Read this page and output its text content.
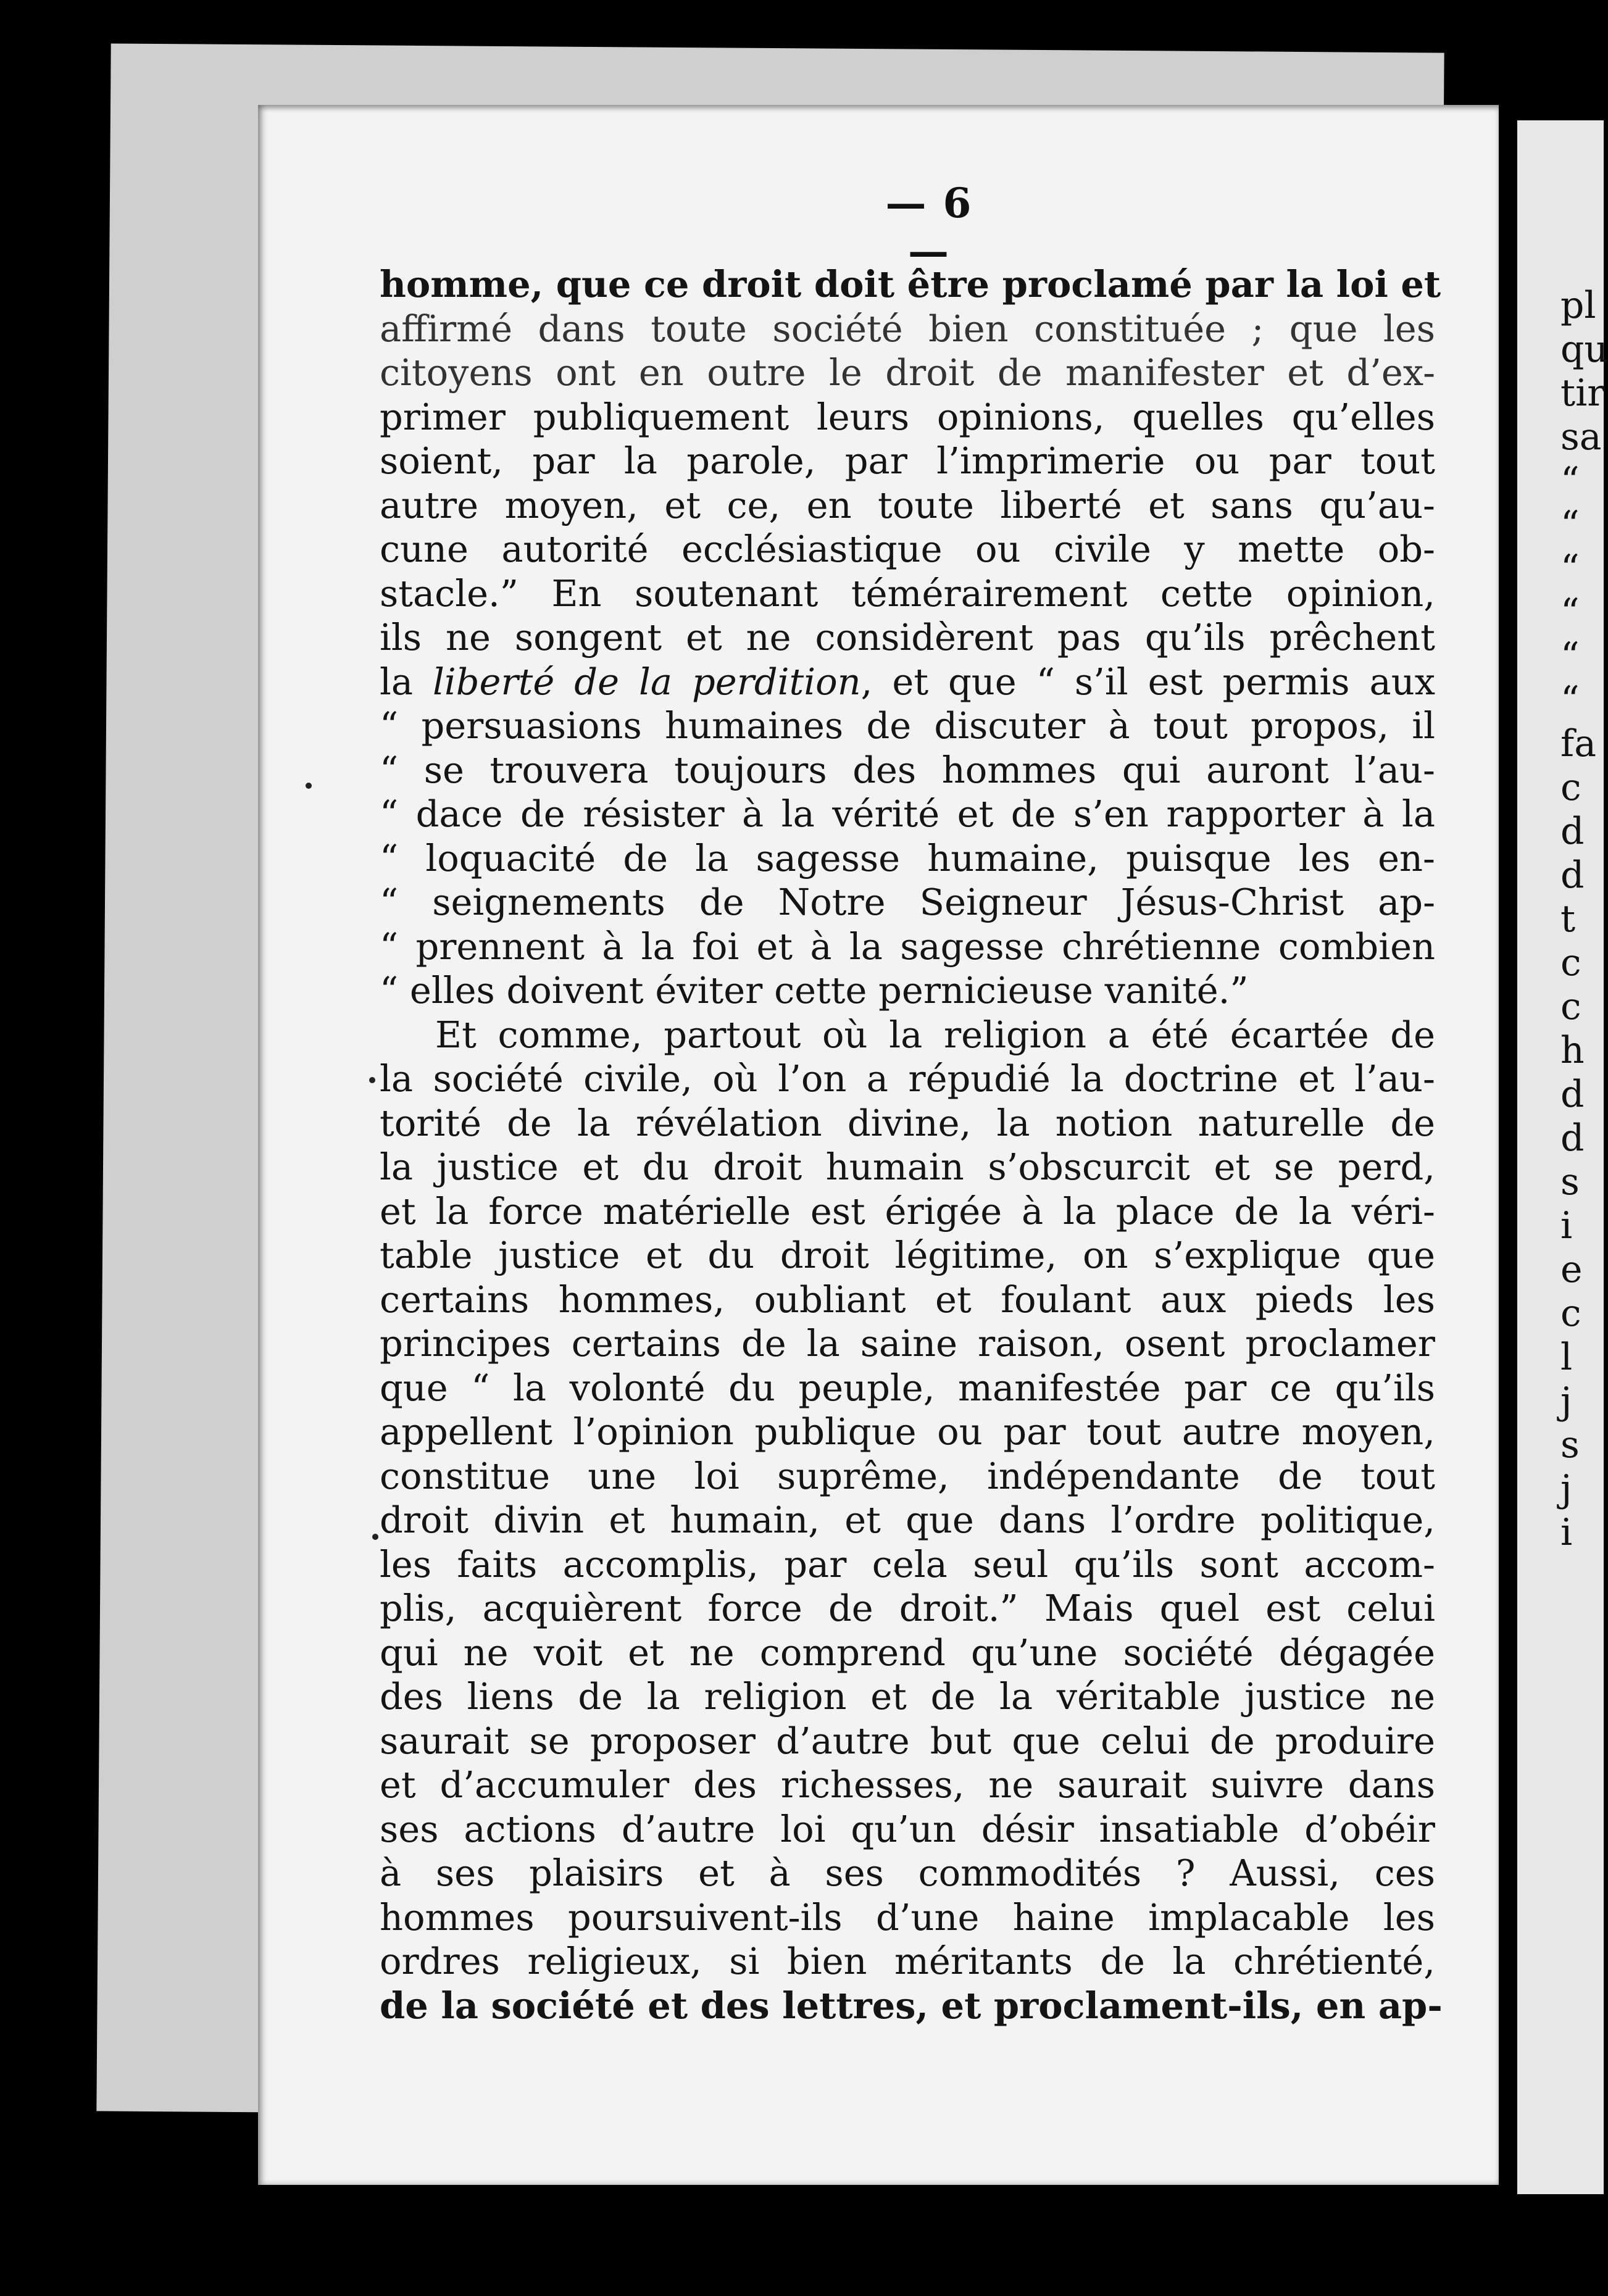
pl
qu
tir
sa
“
“
“
“
“
“
fa
c
d
d
t
c
c
h
d
d
s
i
e
c
l
j
s
j
i
— 6 —
homme, que ce droit doit être proclamé par la loi et
affirmé dans toute société bien constituée ; que les
citoyens ont en outre le droit de manifester et d’ex-
primer publiquement leurs opinions, quelles qu’elles
soient, par la parole, par l’imprimerie ou par tout
autre moyen, et ce, en toute liberté et sans qu’au-
cune autorité ecclésiastique ou civile y mette ob-
stacle.” En soutenant témérairement cette opinion,
ils ne songent et ne considèrent pas qu’ils prêchent
la liberté de la perdition, et que “ s’il est permis aux
“ persuasions humaines de discuter à tout propos, il
“ se trouvera toujours des hommes qui auront l’au-
“ dace de résister à la vérité et de s’en rapporter à la
“ loquacité de la sagesse humaine, puisque les en-
“ seignements de Notre Seigneur Jésus-Christ ap-
“ prennent à la foi et à la sagesse chrétienne combien
“ elles doivent éviter cette pernicieuse vanité.”
Et comme, partout où la religion a été écartée de
la société civile, où l’on a répudié la doctrine et l’au-
torité de la révélation divine, la notion naturelle de
la justice et du droit humain s’obscurcit et se perd,
et la force matérielle est érigée à la place de la véri-
table justice et du droit légitime, on s’explique que
certains hommes, oubliant et foulant aux pieds les
principes certains de la saine raison, osent proclamer
que “ la volonté du peuple, manifestée par ce qu’ils
appellent l’opinion publique ou par tout autre moyen,
constitue une loi suprême, indépendante de tout
droit divin et humain, et que dans l’ordre politique,
les faits accomplis, par cela seul qu’ils sont accom-
plis, acquièrent force de droit.” Mais quel est celui
qui ne voit et ne comprend qu’une société dégagée
des liens de la religion et de la véritable justice ne
saurait se proposer d’autre but que celui de produire
et d’accumuler des richesses, ne saurait suivre dans
ses actions d’autre loi qu’un désir insatiable d’obéir
à ses plaisirs et à ses commodités ? Aussi, ces
hommes poursuivent-ils d’une haine implacable les
ordres religieux, si bien méritants de la chrétienté,
de la société et des lettres, et proclament-ils, en ap-
